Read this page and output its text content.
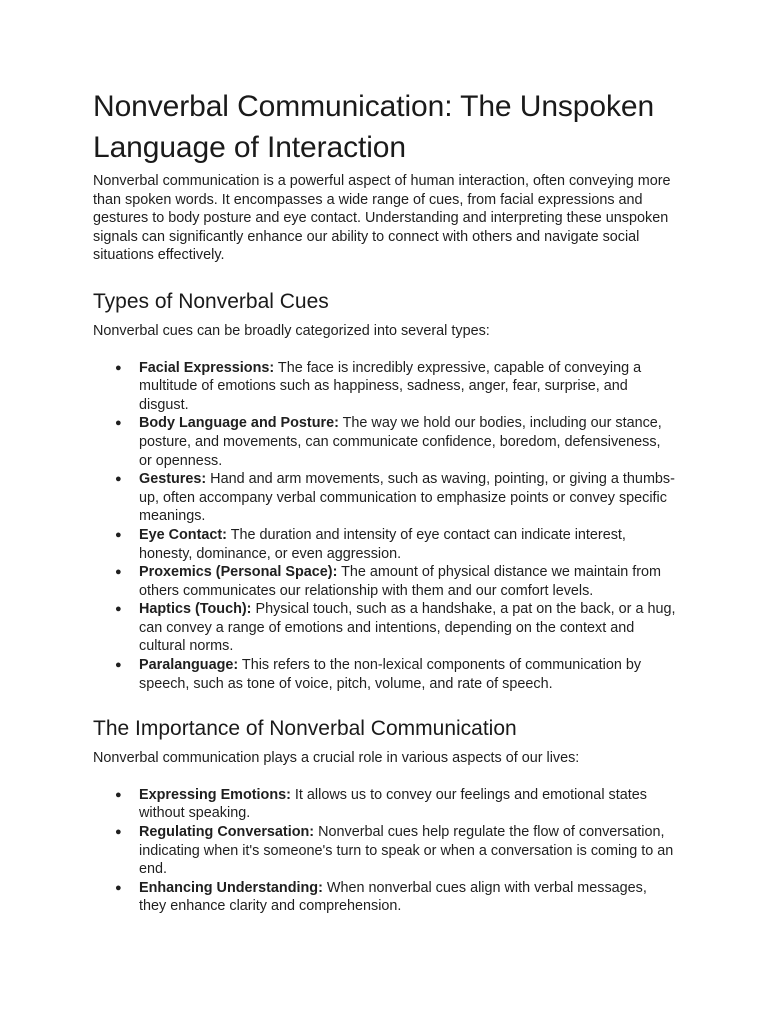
Nonverbal Communication: The Unspoken Language of Interaction

Nonverbal communication is a powerful aspect of human interaction, often conveying more than spoken words. It encompasses a wide range of cues, from facial expressions and gestures to body posture and eye contact. Understanding and interpreting these unspoken signals can significantly enhance our ability to connect with others and navigate social situations effectively.

Types of Nonverbal Cues

Nonverbal cues can be broadly categorized into several types:

● Facial Expressions: The face is incredibly expressive, capable of conveying a multitude of emotions such as happiness, sadness, anger, fear, surprise, and disgust.
● Body Language and Posture: The way we hold our bodies, including our stance, posture, and movements, can communicate confidence, boredom, defensiveness, or openness.
● Gestures: Hand and arm movements, such as waving, pointing, or giving a thumbs-up, often accompany verbal communication to emphasize points or convey specific meanings.
● Eye Contact: The duration and intensity of eye contact can indicate interest, honesty, dominance, or even aggression.
● Proxemics (Personal Space): The amount of physical distance we maintain from others communicates our relationship with them and our comfort levels.
● Haptics (Touch): Physical touch, such as a handshake, a pat on the back, or a hug, can convey a range of emotions and intentions, depending on the context and cultural norms.
● Paralanguage: This refers to the non-lexical components of communication by speech, such as tone of voice, pitch, volume, and rate of speech.
The Importance of Nonverbal Communication

Nonverbal communication plays a crucial role in various aspects of our lives:

● Expressing Emotions: It allows us to convey our feelings and emotional states without speaking.
● Regulating Conversation: Nonverbal cues help regulate the flow of conversation, indicating when it's someone's turn to speak or when a conversation is coming to an end.
● Enhancing Understanding: When nonverbal cues align with verbal messages, they enhance clarity and comprehension.
